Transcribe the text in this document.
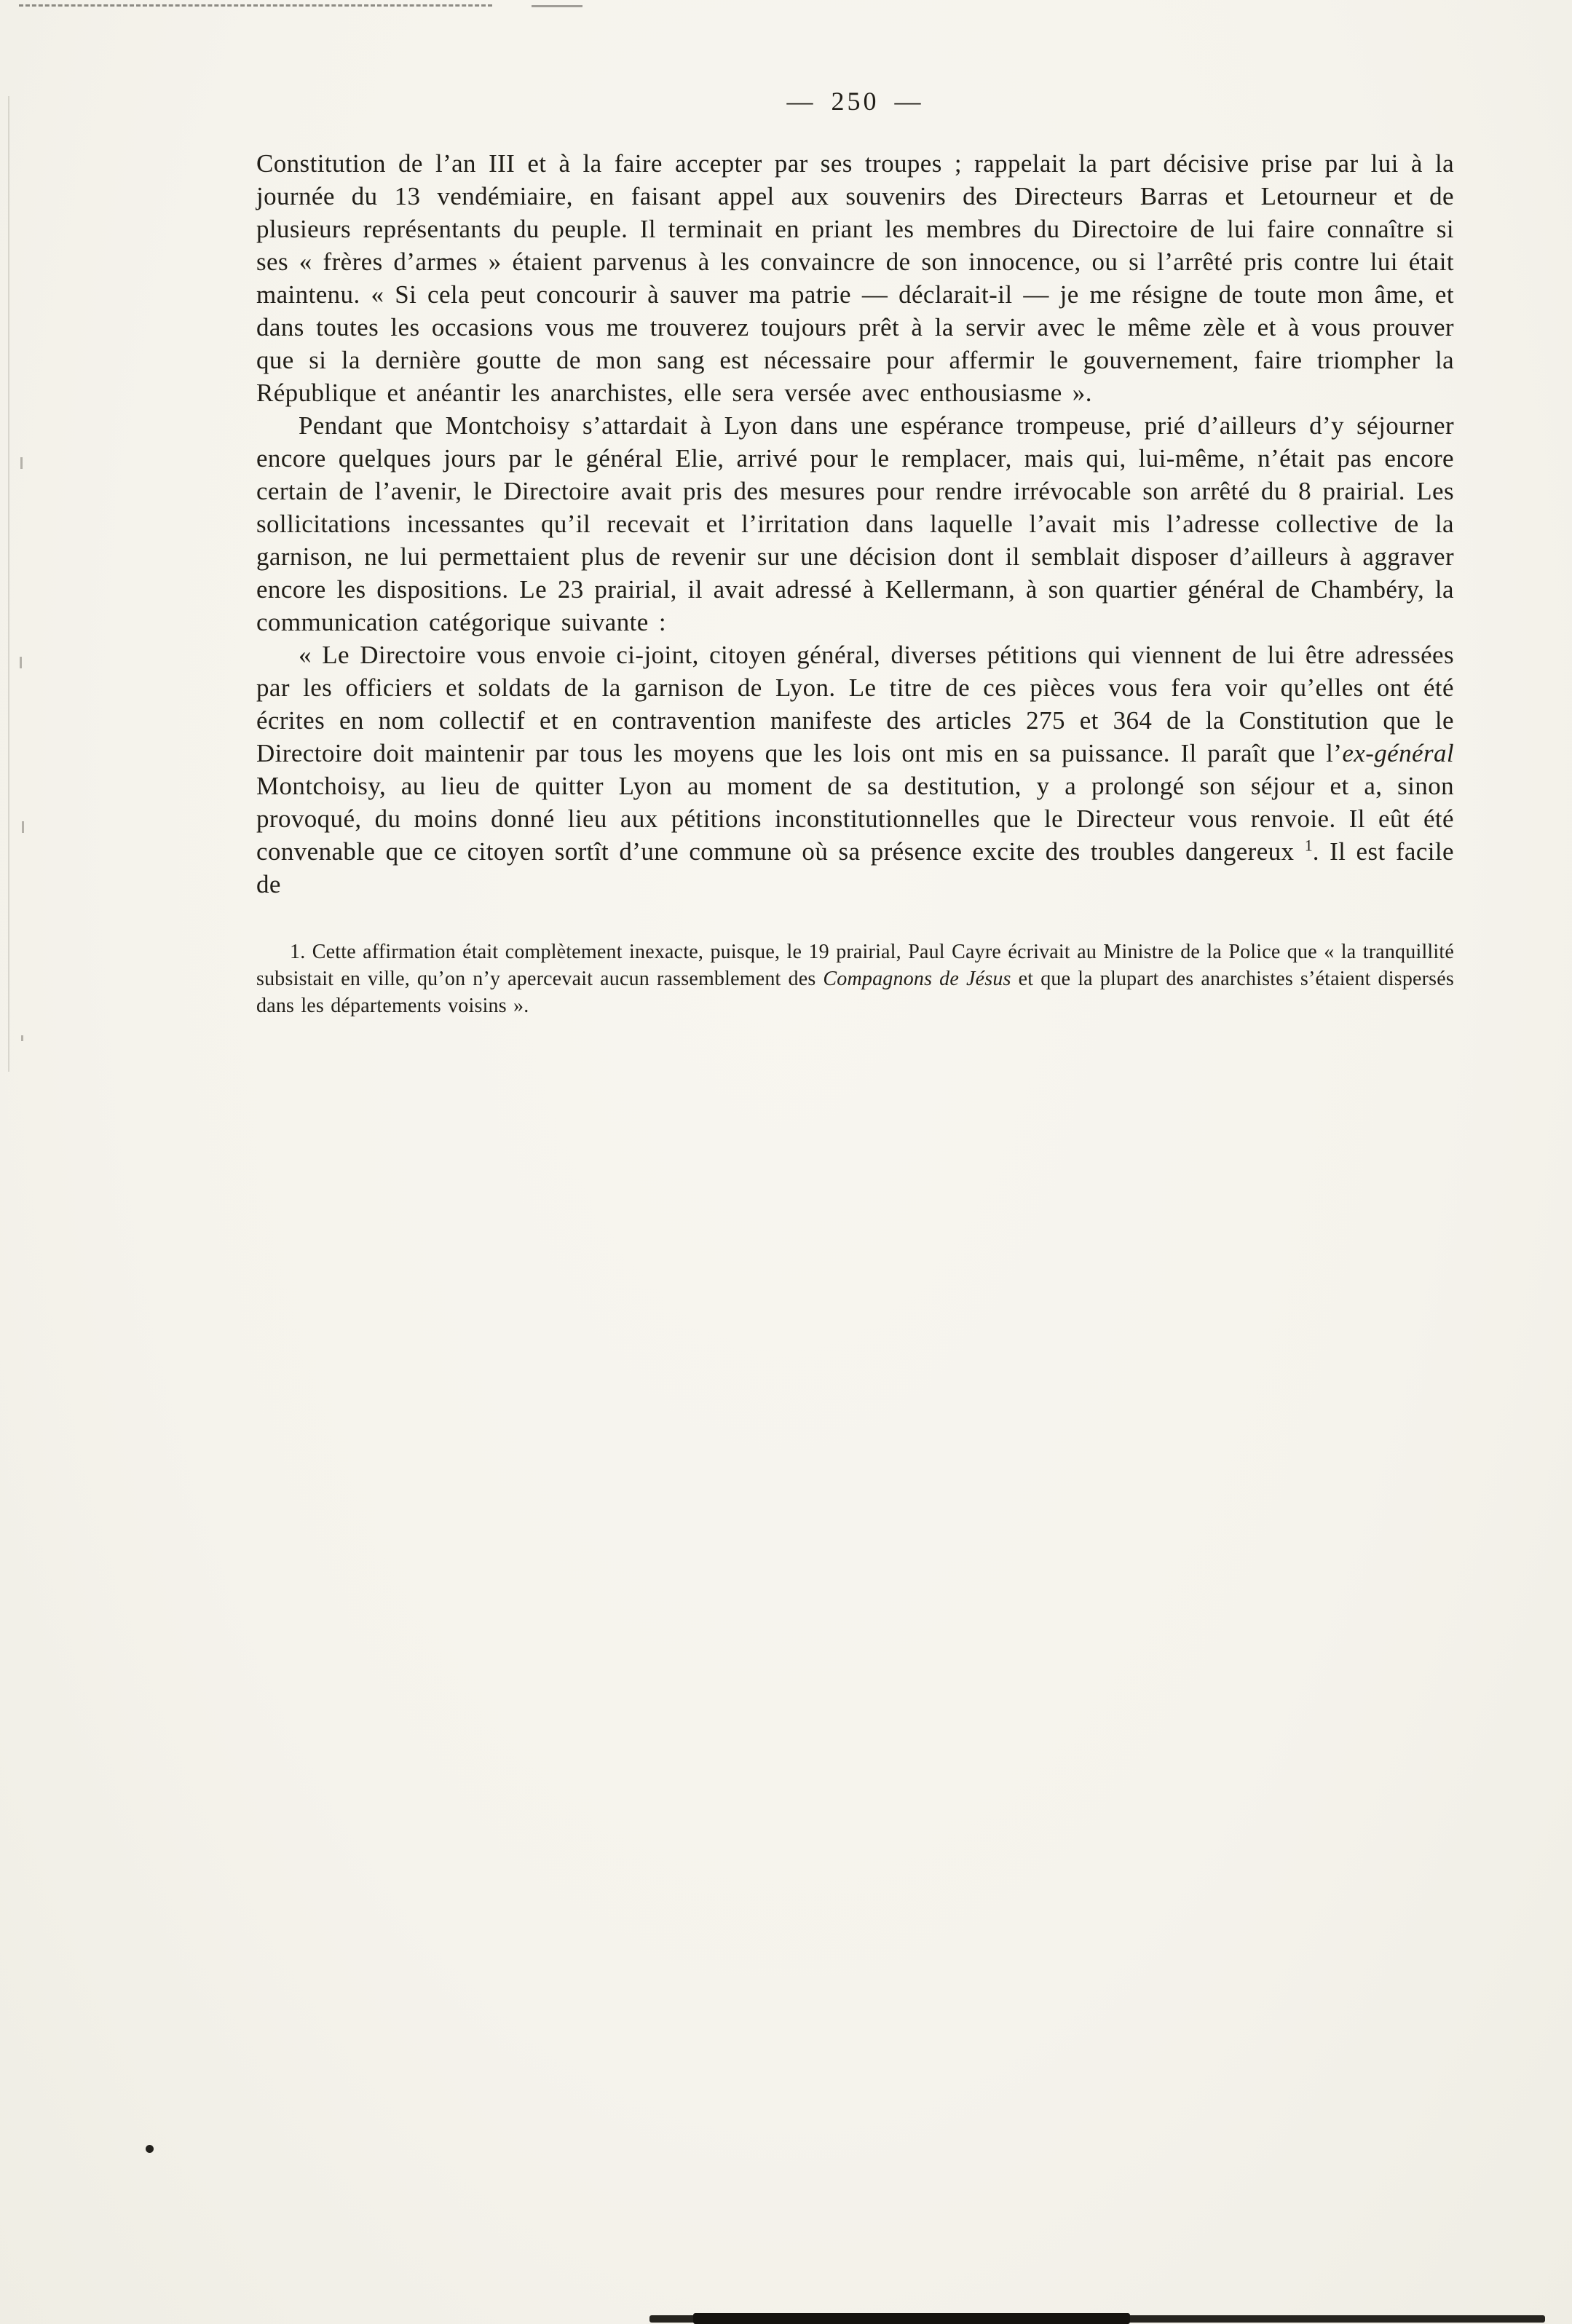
— 250 —

Constitution de l’an III et à la faire accepter par ses troupes ; rappelait la part décisive prise par lui à la journée du 13 vendémiaire, en faisant appel aux souvenirs des Directeurs Barras et Letourneur et de plusieurs représentants du peuple. Il terminait en priant les membres du Directoire de lui faire connaître si ses « frères d’armes » étaient parvenus à les convaincre de son innocence, ou si l’arrêté pris contre lui était maintenu. « Si cela peut concourir à sauver ma patrie — déclarait-il — je me résigne de toute mon âme, et dans toutes les occasions vous me trouverez toujours prêt à la servir avec le même zèle et à vous prouver que si la dernière goutte de mon sang est nécessaire pour affermir le gouvernement, faire triompher la République et anéantir les anarchistes, elle sera versée avec enthousiasme ».

Pendant que Montchoisy s’attardait à Lyon dans une espérance trompeuse, prié d’ailleurs d’y séjourner encore quelques jours par le général Elie, arrivé pour le remplacer, mais qui, lui-même, n’était pas encore certain de l’avenir, le Directoire avait pris des mesures pour rendre irrévocable son arrêté du 8 prairial. Les sollicitations incessantes qu’il recevait et l’irritation dans laquelle l’avait mis l’adresse collective de la garnison, ne lui permettaient plus de revenir sur une décision dont il semblait disposer d’ailleurs à aggraver encore les dispositions. Le 23 prairial, il avait adressé à Kellermann, à son quartier général de Chambéry, la communication catégorique suivante :

« Le Directoire vous envoie ci-joint, citoyen général, diverses pétitions qui viennent de lui être adressées par les officiers et soldats de la garnison de Lyon. Le titre de ces pièces vous fera voir qu’elles ont été écrites en nom collectif et en contravention manifeste des articles 275 et 364 de la Constitution que le Directoire doit maintenir par tous les moyens que les lois ont mis en sa puissance. Il paraît que l’ex-général Montchoisy, au lieu de quitter Lyon au moment de sa destitution, y a prolongé son séjour et a, sinon provoqué, du moins donné lieu aux pétitions inconstitutionnelles que le Directeur vous renvoie. Il eût été convenable que ce citoyen sortît d’une commune où sa présence excite des troubles dangereux $^1$. Il est facile de

1. Cette affirmation était complètement inexacte, puisque, le 19 prairial, Paul Cayre écrivait au Ministre de la Police que « la tranquillité subsistait en ville, qu’on n’y apercevait aucun rassemblement des Compagnons de Jésus et que la plupart des anarchistes s’étaient dispersés dans les départements voisins ».
